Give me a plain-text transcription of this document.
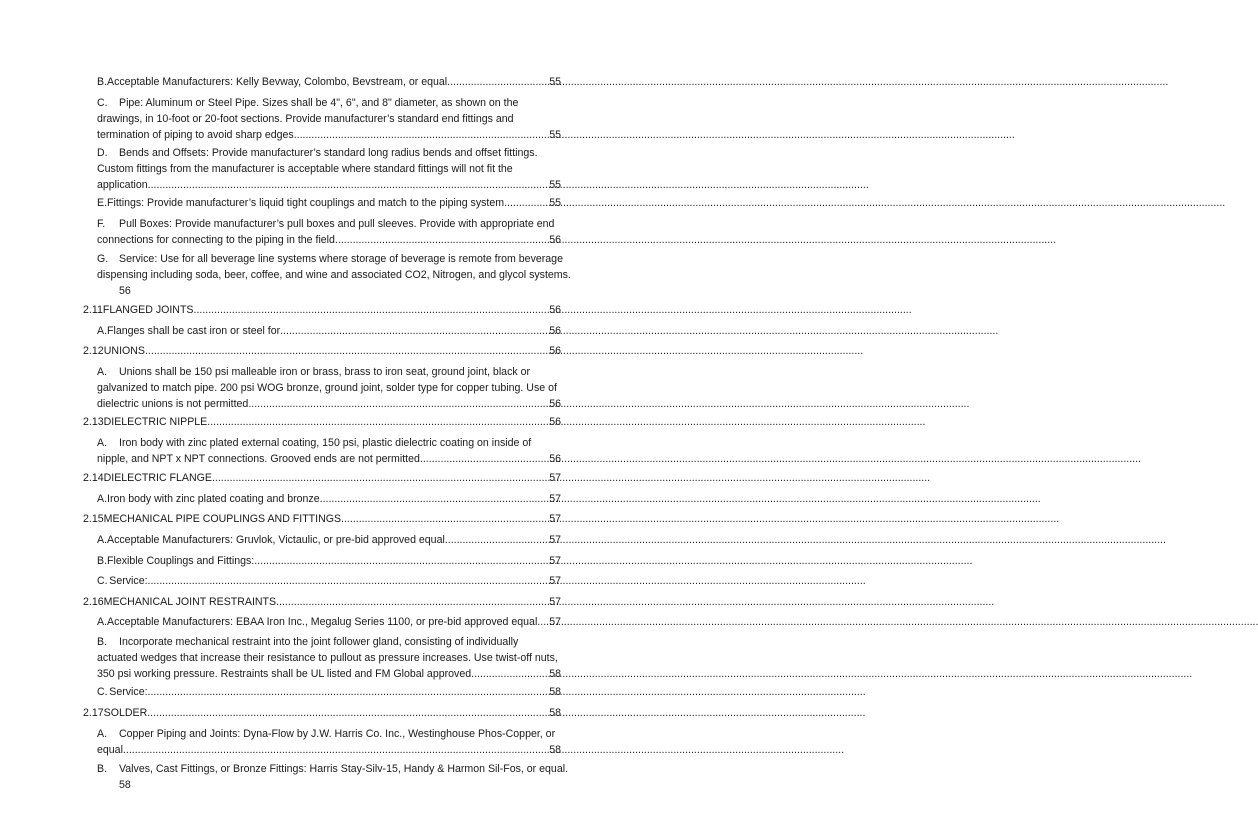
B. Acceptable Manufacturers: Kelly Bevway, Colombo, Bevstream, or equal. .....	55
C. Pipe: Aluminum or Steel Pipe. Sizes shall be 4", 6", and 8" diameter, as shown on the
drawings, in 10-foot or 20-foot sections. Provide manufacturer’s standard end fittings and
termination of piping to avoid sharp edges. .....	55
D. Bends and Offsets: Provide manufacturer’s standard long radius bends and offset fittings.
Custom fittings from the manufacturer is acceptable where standard fittings will not fit the
application. .....	55
E. Fittings: Provide manufacturer’s liquid tight couplings and match to the piping system. .....	55
F. Pull Boxes: Provide manufacturer’s pull boxes and pull sleeves. Provide with appropriate end
connections for connecting to the piping in the field. .....	56
G. Service: Use for all beverage line systems where storage of beverage is remote from beverage
dispensing including soda, beer, coffee, and wine and associated CO2, Nitrogen, and glycol systems.
56
2.11 FLANGED JOINTS .....	56
A. Flanges shall be cast iron or steel for .....	56
2.12 UNIONS .....	56
A. Unions shall be 150 psi malleable iron or brass, brass to iron seat, ground joint, black or
galvanized to match pipe. 200 psi WOG bronze, ground joint, solder type for copper tubing. Use of
dielectric unions is not permitted. .....	56
2.13 DIELECTRIC NIPPLE .....	56
A. Iron body with zinc plated external coating, 150 psi, plastic dielectric coating on inside of
nipple, and NPT x NPT connections. Grooved ends are not permitted. .....	56
2.14 DIELECTRIC FLANGE .....	57
A. Iron body with zinc plated coating and bronze. .....	57
2.15 MECHANICAL PIPE COUPLINGS AND FITTINGS .....	57
A. Acceptable Manufacturers: Gruvlok, Victaulic, or pre-bid approved equal. .....	57
B. Flexible Couplings and Fittings: .....	57
C. Service: .....	57
2.16 MECHANICAL JOINT RESTRAINTS .....	57
A. Acceptable Manufacturers: EBAA Iron Inc., Megalug Series 1100, or pre-bid approved equal. ..... 57
B. Incorporate mechanical restraint into the joint follower gland, consisting of individually
actuated wedges that increase their resistance to pullout as pressure increases. Use twist-off nuts,
350 psi working pressure. Restraints shall be UL listed and FM Global approved. .....	58
C. Service: .....	58
2.17 SOLDER .....	58
A. Copper Piping and Joints: Dyna-Flow by J.W. Harris Co. Inc., Westinghouse Phos-Copper, or
equal. .....	58
B. Valves, Cast Fittings, or Bronze Fittings: Harris Stay-Silv-15, Handy & Harmon Sil-Fos, or equal.
58
